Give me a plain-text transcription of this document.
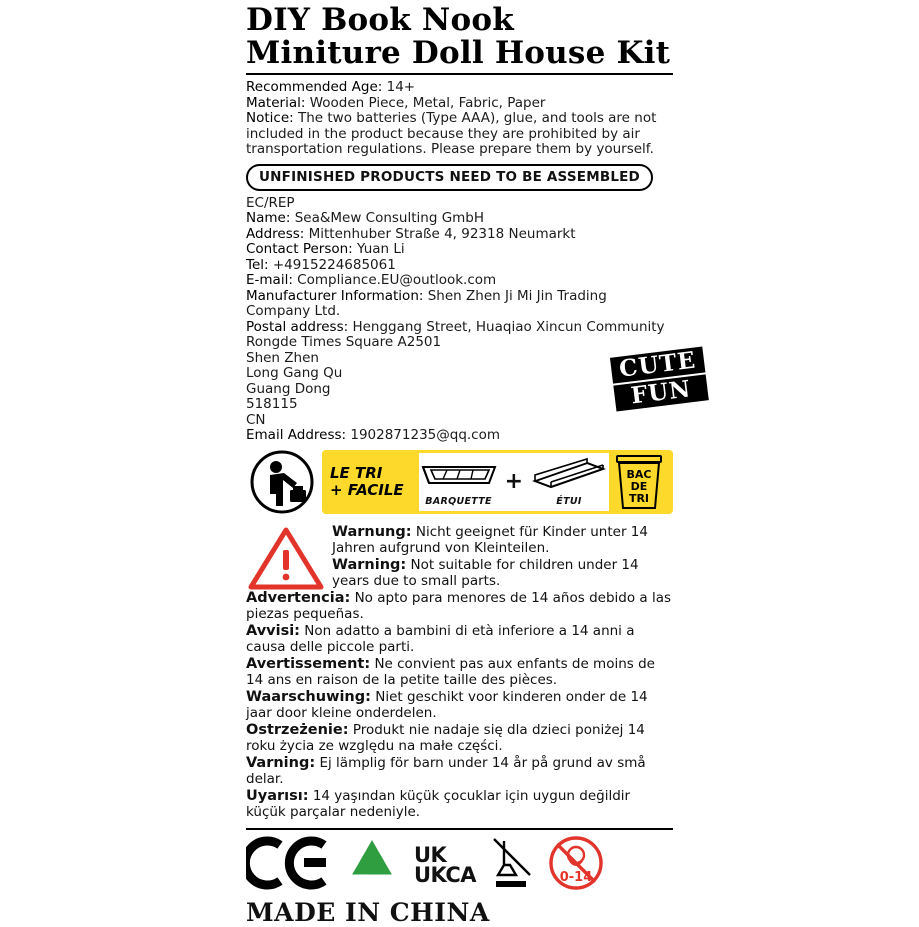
DIY Book Nook
Miniture Doll House Kit
Recommended Age: 14+
Material: Wooden Piece, Metal, Fabric, Paper
Notice: The two batteries (Type AAA), glue, and tools are not included in the product because they are prohibited by air transportation regulations. Please prepare them by yourself.
UNFINISHED PRODUCTS NEED TO BE ASSEMBLED
EC/REP
Name: Sea&Mew Consulting GmbH
Address: Mittenhuber Straße 4, 92318 Neumarkt
Contact Person: Yuan Li
Tel: +4915224685061
E-mail: Compliance.EU@outlook.com
Manufacturer Information: Shen Zhen Ji Mi Jin Trading Company Ltd.
Postal address: Henggang Street, Huaqiao Xincun Community Rongde Times Square A2501
Shen Zhen
Long Gang Qu
Guang Dong
518115
CN
Email Address: 1902871235@qq.com
CUTE
FUN
LE TRI
+ FACILE
BARQUETTE
+
ÉTUI
BAC
DE
TRI
Warnung: Nicht geeignet für Kinder unter 14 Jahren aufgrund von Kleinteilen.
Warning: Not suitable for children under 14 years due to small parts.
Advertencia: No apto para menores de 14 años debido a las piezas pequeñas.
Avvisi: Non adatto a bambini di età inferiore a 14 anni a causa delle piccole parti.
Avertissement: Ne convient pas aux enfants de moins de 14 ans en raison de la petite taille des pièces.
Waarschuwing: Niet geschikt voor kinderen onder de 14 jaar door kleine onderdelen.
Ostrzeżenie: Produkt nie nadaje się dla dzieci poniżej 14 roku życia ze względu na małe części.
Varning: Ej lämplig för barn under 14 år på grund av små delar.
Uyarısı: 14 yaşından küçük çocuklar için uygun değildir küçük parçalar nedeniyle.
UK
UKCA	0-14
MADE IN CHINA
